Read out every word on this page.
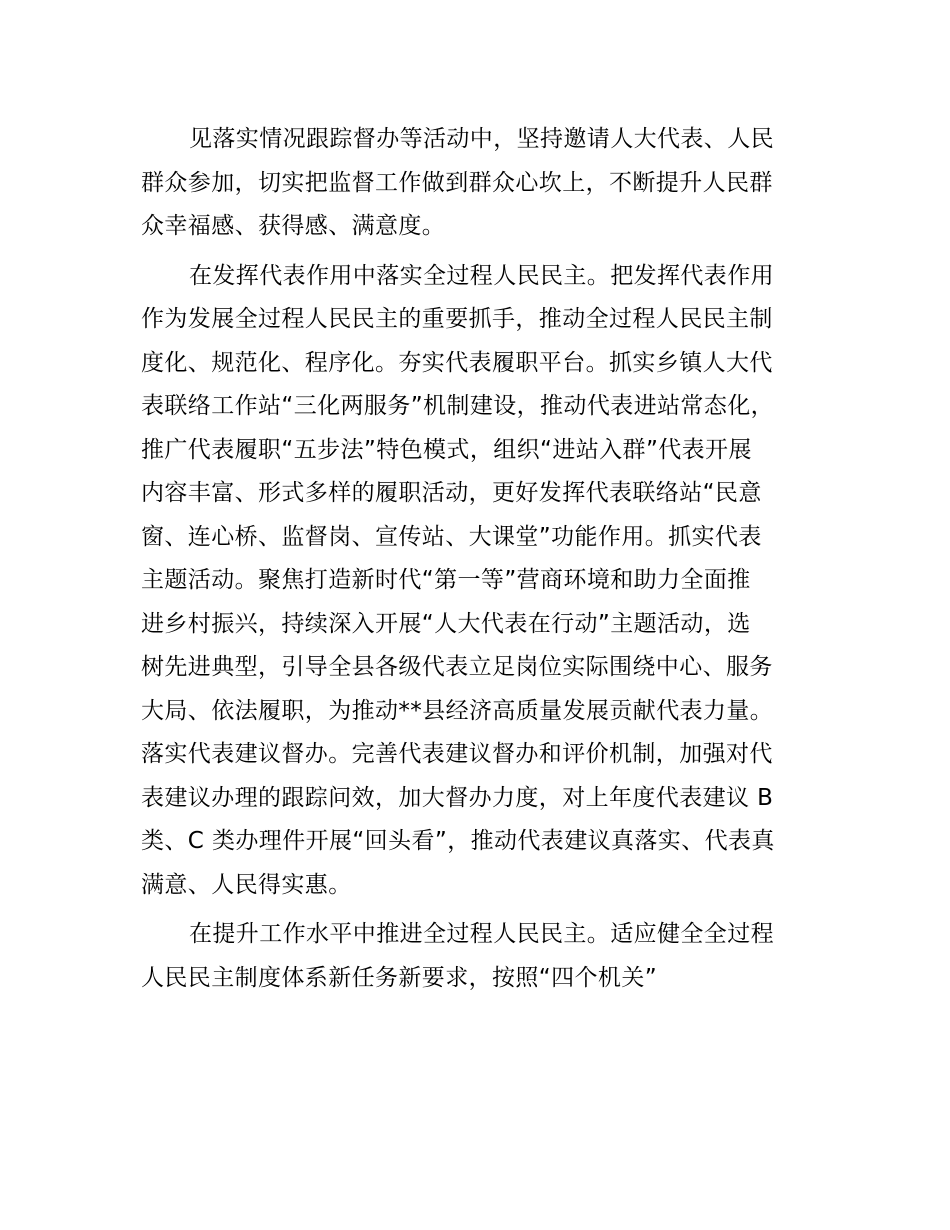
见落实情况跟踪督办等活动中，坚持邀请人大代表、人民
群众参加，切实把监督工作做到群众心坎上，不断提升人民群
众幸福感、获得感、满意度。
在发挥代表作用中落实全过程人民民主。把发挥代表作用
作为发展全过程人民民主的重要抓手，推动全过程人民民主制
度化、规范化、程序化。夯实代表履职平台。抓实乡镇人大代
表联络工作站“三化两服务”机制建设，推动代表进站常态化，
推广代表履职“五步法”特色模式，组织“进站入群”代表开展
内容丰富、形式多样的履职活动，更好发挥代表联络站“民意
窗、连心桥、监督岗、宣传站、大课堂”功能作用。抓实代表
主题活动。聚焦打造新时代“第一等”营商环境和助力全面推
进乡村振兴，持续深入开展“人大代表在行动”主题活动，选
树先进典型，引导全县各级代表立足岗位实际围绕中心、服务
大局、依法履职，为推动**县经济高质量发展贡献代表力量。
落实代表建议督办。完善代表建议督办和评价机制，加强对代
表建议办理的跟踪问效，加大督办力度，对上年度代表建议 B
类、C 类办理件开展“回头看”，推动代表建议真落实、代表真
满意、人民得实惠。
在提升工作水平中推进全过程人民民主。适应健全全过程
人民民主制度体系新任务新要求，按照“四个机关”
